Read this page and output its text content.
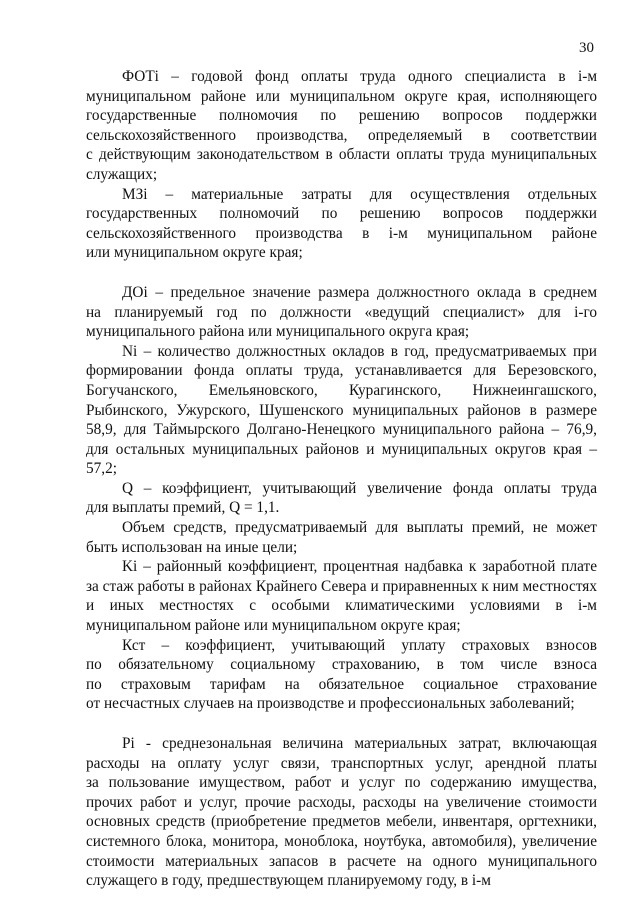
30
ФОТі – годовой фонд оплаты труда одного специалиста в і-м
муниципальном районе или муниципальном округе края, исполняющего
государственные полномочия по решению вопросов поддержки
сельскохозяйственного производства, определяемый в соответствии
с действующим законодательством в области оплаты труда муниципальных
служащих;
МЗі – материальные затраты для осуществления отдельных
государственных полномочий по решению вопросов поддержки
сельскохозяйственного производства в і-м муниципальном районе
или муниципальном округе края;
ДОі – предельное значение размера должностного оклада в среднем
на планируемый год по должности «ведущий специалист» для і-го
муниципального района или муниципального округа края;
Ni – количество должностных окладов в год, предусматриваемых при
формировании фонда оплаты труда, устанавливается для Березовского,
Богучанского, Емельяновского, Курагинского, Нижнеингашского,
Рыбинского, Ужурского, Шушенского муниципальных районов в размере
58,9, для Таймырского Долгано-Ненецкого муниципального района – 76,9,
для остальных муниципальных районов и муниципальных округов края –
57,2;
Q – коэффициент, учитывающий увеличение фонда оплаты труда
для выплаты премий, Q = 1,1.
Объем средств, предусматриваемый для выплаты премий, не может
быть использован на иные цели;
Ki – районный коэффициент, процентная надбавка к заработной плате
за стаж работы в районах Крайнего Севера и приравненных к ним местностях
и иных местностях с особыми климатическими условиями в і-м
муниципальном районе или муниципальном округе края;
Кст – коэффициент, учитывающий уплату страховых взносов
по обязательному социальному страхованию, в том числе взноса
по страховым тарифам на обязательное социальное страхование
от несчастных случаев на производстве и профессиональных заболеваний;
Рі - среднезональная величина материальных затрат, включающая
расходы на оплату услуг связи, транспортных услуг, арендной платы
за пользование имуществом, работ и услуг по содержанию имущества,
прочих работ и услуг, прочие расходы, расходы на увеличение стоимости
основных средств (приобретение предметов мебели, инвентаря, оргтехники,
системного блока, монитора, моноблока, ноутбука, автомобиля), увеличение
стоимости материальных запасов в расчете на одного муниципального
служащего в году, предшествующем планируемому году, в і-м
